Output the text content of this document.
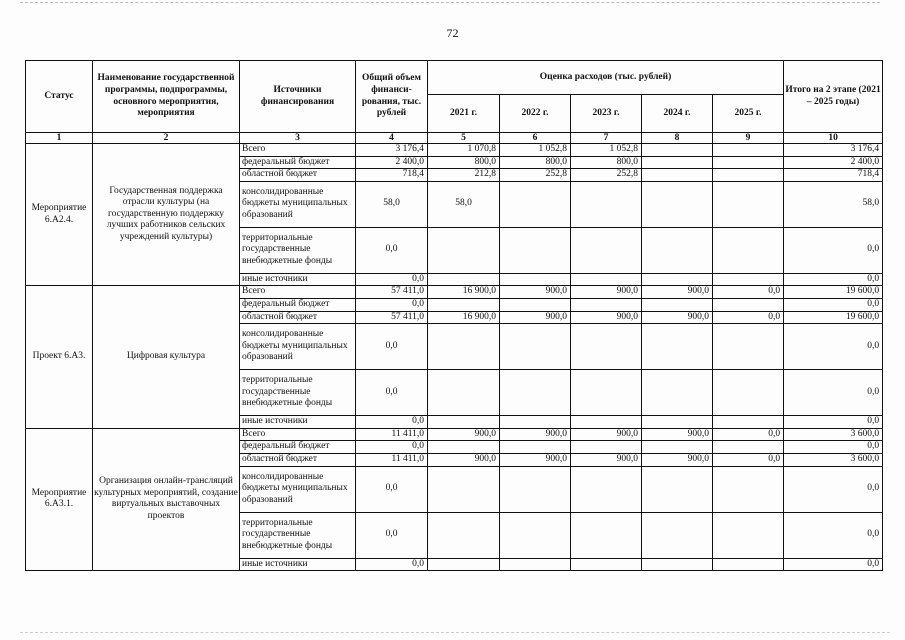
72
Статус	Наименование государственной программы, подпрограммы, основного мероприятия, мероприятия	Источники финансирования	Общий объем финанси-рования, тыс. рублей	Оценка расходов (тыс. рублей)					Итого на 2 этапе (2021 – 2025 годы)
				2021 г.	2022 г.	2023 г.	2024 г.	2025 г.	
1	2	3	4	5	6	7	8	9	10
Мероприятие 6.А2.4.	Государственная поддержка отрасли культуры (на государственную поддержку лучших работников сельских учреждений культуры)	Всего	3 176,4	1 070,8	1 052,8	1 052,8			3 176,4
		федеральный бюджет	2 400,0	800,0	800,0	800,0			2 400,0
		областной бюджет	718,4	212,8	252,8	252,8			718,4
		консолидированные бюджеты муниципальных образований	58,0	58,0					58,0
		территориальные государственные внебюджетные фонды	0,0						0,0
		иные источники	0,0						0,0
Проект 6.А3.	Цифровая культура	Всего	57 411,0	16 900,0	900,0	900,0	900,0	0,0	19 600,0
		федеральный бюджет	0,0						0,0
		областной бюджет	57 411,0	16 900,0	900,0	900,0	900,0	0,0	19 600,0
		консолидированные бюджеты муниципальных образований	0,0						0,0
		территориальные государственные внебюджетные фонды	0,0						0,0
		иные источники	0,0						0,0
Мероприятие 6.А3.1.	Организация онлайн-трансляций культурных мероприятий, создание виртуальных выставочных проектов	Всего	11 411,0	900,0	900,0	900,0	900,0	0,0	3 600,0
		федеральный бюджет	0,0						0,0
		областной бюджет	11 411,0	900,0	900,0	900,0	900,0	0,0	3 600,0
		консолидированные бюджеты муниципальных образований	0,0						0,0
		территориальные государственные внебюджетные фонды	0,0						0,0
		иные источники	0,0						0,0
